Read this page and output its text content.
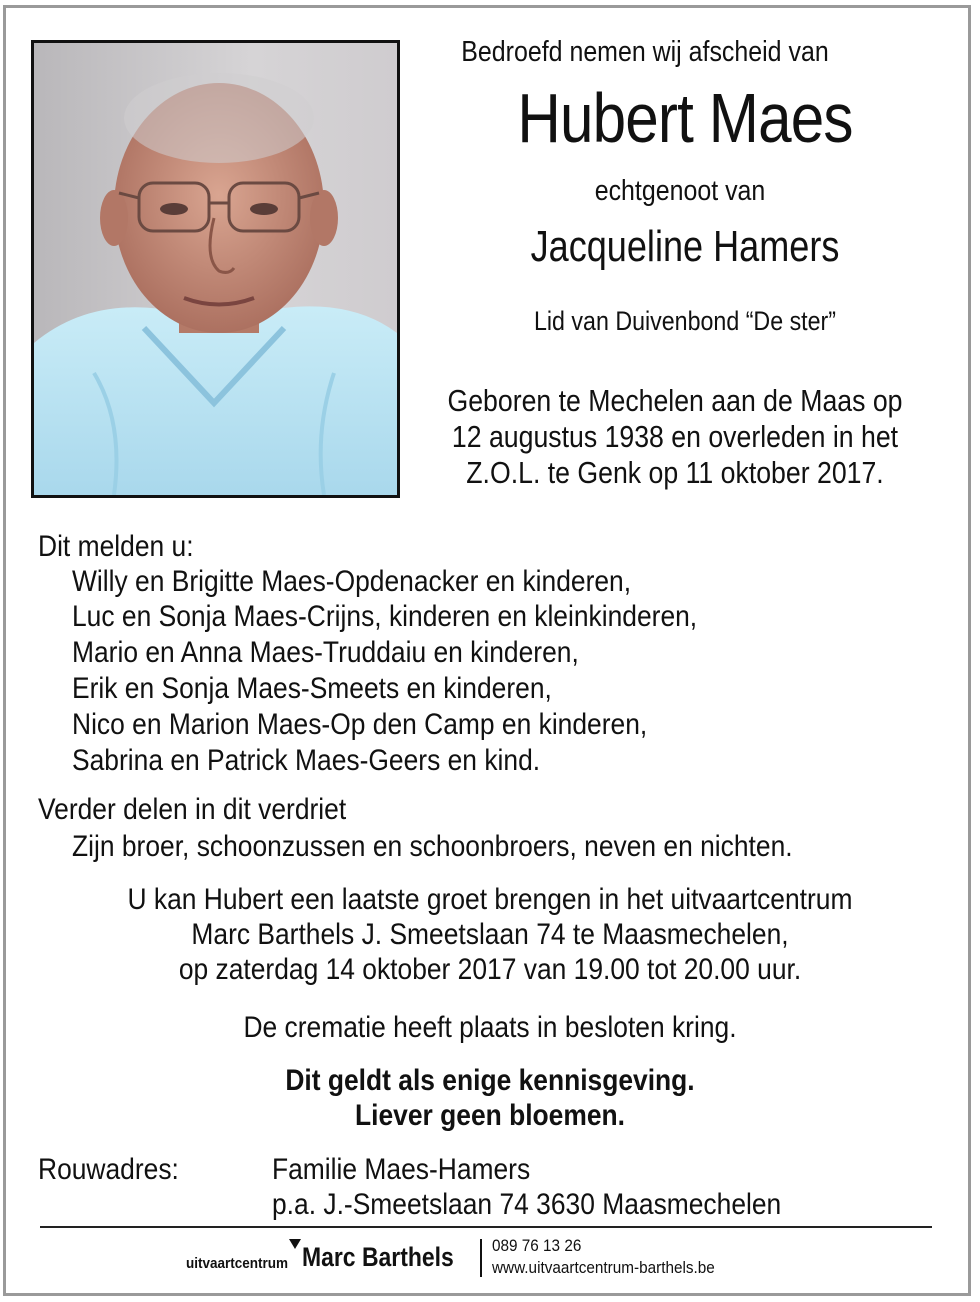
Bedroefd nemen wij afscheid van
Hubert Maes
echtgenoot van
Jacqueline Hamers
Lid van Duivenbond “De ster”
Geboren te Mechelen aan de Maas op
12 augustus 1938 en overleden in het
Z.O.L. te Genk op 11 oktober 2017.
Dit melden u:
Willy en Brigitte Maes-Opdenacker en kinderen,
Luc en Sonja Maes-Crijns, kinderen en kleinkinderen,
Mario en Anna Maes-Truddaiu en kinderen,
Erik en Sonja Maes-Smeets en kinderen,
Nico en Marion Maes-Op den Camp en kinderen,
Sabrina en Patrick Maes-Geers en kind.
Verder delen in dit verdriet
Zijn broer, schoonzussen en schoonbroers, neven en nichten.
U kan Hubert een laatste groet brengen in het uitvaartcentrum
Marc Barthels J. Smeetslaan 74 te Maasmechelen,
op zaterdag 14 oktober 2017 van 19.00 tot 20.00 uur.
De crematie heeft plaats in besloten kring.
Dit geldt als enige kennisgeving.
Liever geen bloemen.
Rouwadres:	Familie Maes-Hamers
p.a. J.-Smeetslaan 74 3630 Maasmechelen
uitvaartcentrum Marc Barthels 089 76 13 26
www.uitvaartcentrum-barthels.be
